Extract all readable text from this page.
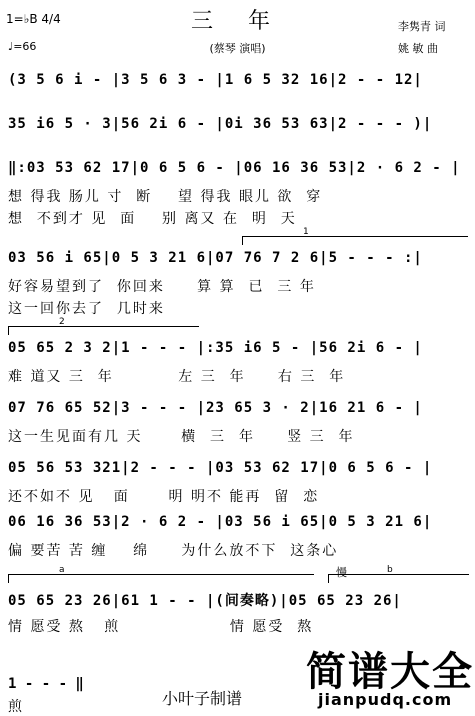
三 年
1=♭B 4/4
♩=66	(蔡琴 演唱)
李隽青 词
姚 敏 曲
(3 5 6 i - |3 5 6 3 - |1 6 5 32 16|2 - - 12|
35 i6 5 · 3|56 2i 6 - |0i 36 53 63|2 - - - )|
‖:03 53 62 17|0 6 5 6 - |06 16 36 53|2 · 6 2 - |
想 得我 肠儿 寸  断    望 得我 眼儿 欲  穿
想  不到才 见  面    别 离又 在  明  天
03 56 i 65|0 5 3 21 6|07 76 7 2 6|5 - - - :|
好容易望到了  你回来     算 算  已  三 年
这一回你去了  几时来
05 65 2 3 2|1 - - - |:35 i6 5 - |56 2i 6 - |
难 道又 三  年          左 三  年     右 三  年
07 76 65 52|3 - - - |23 65 3 · 2|16 21 6 - |
这一生见面有几 天      横  三  年     竖 三  年
05 56 53 321|2 - - - |03 53 62 17|0 6 5 6 - |
还不如不 见   面      明 明不 能再  留  恋
06 16 36 53|2 · 6 2 - |03 56 i 65|0 5 3 21 6|
偏 要苦 苦 缠    绵     为什么放不下  这条心
05 65 23 26|61 1 - - |(间奏略)|05 65 23 26|
情 愿受 熬   煎                 情 愿受  熬
1
2
a	慢	b
1 - - - ‖
煎	小叶子制谱
简谱大全
jianpudq.com
